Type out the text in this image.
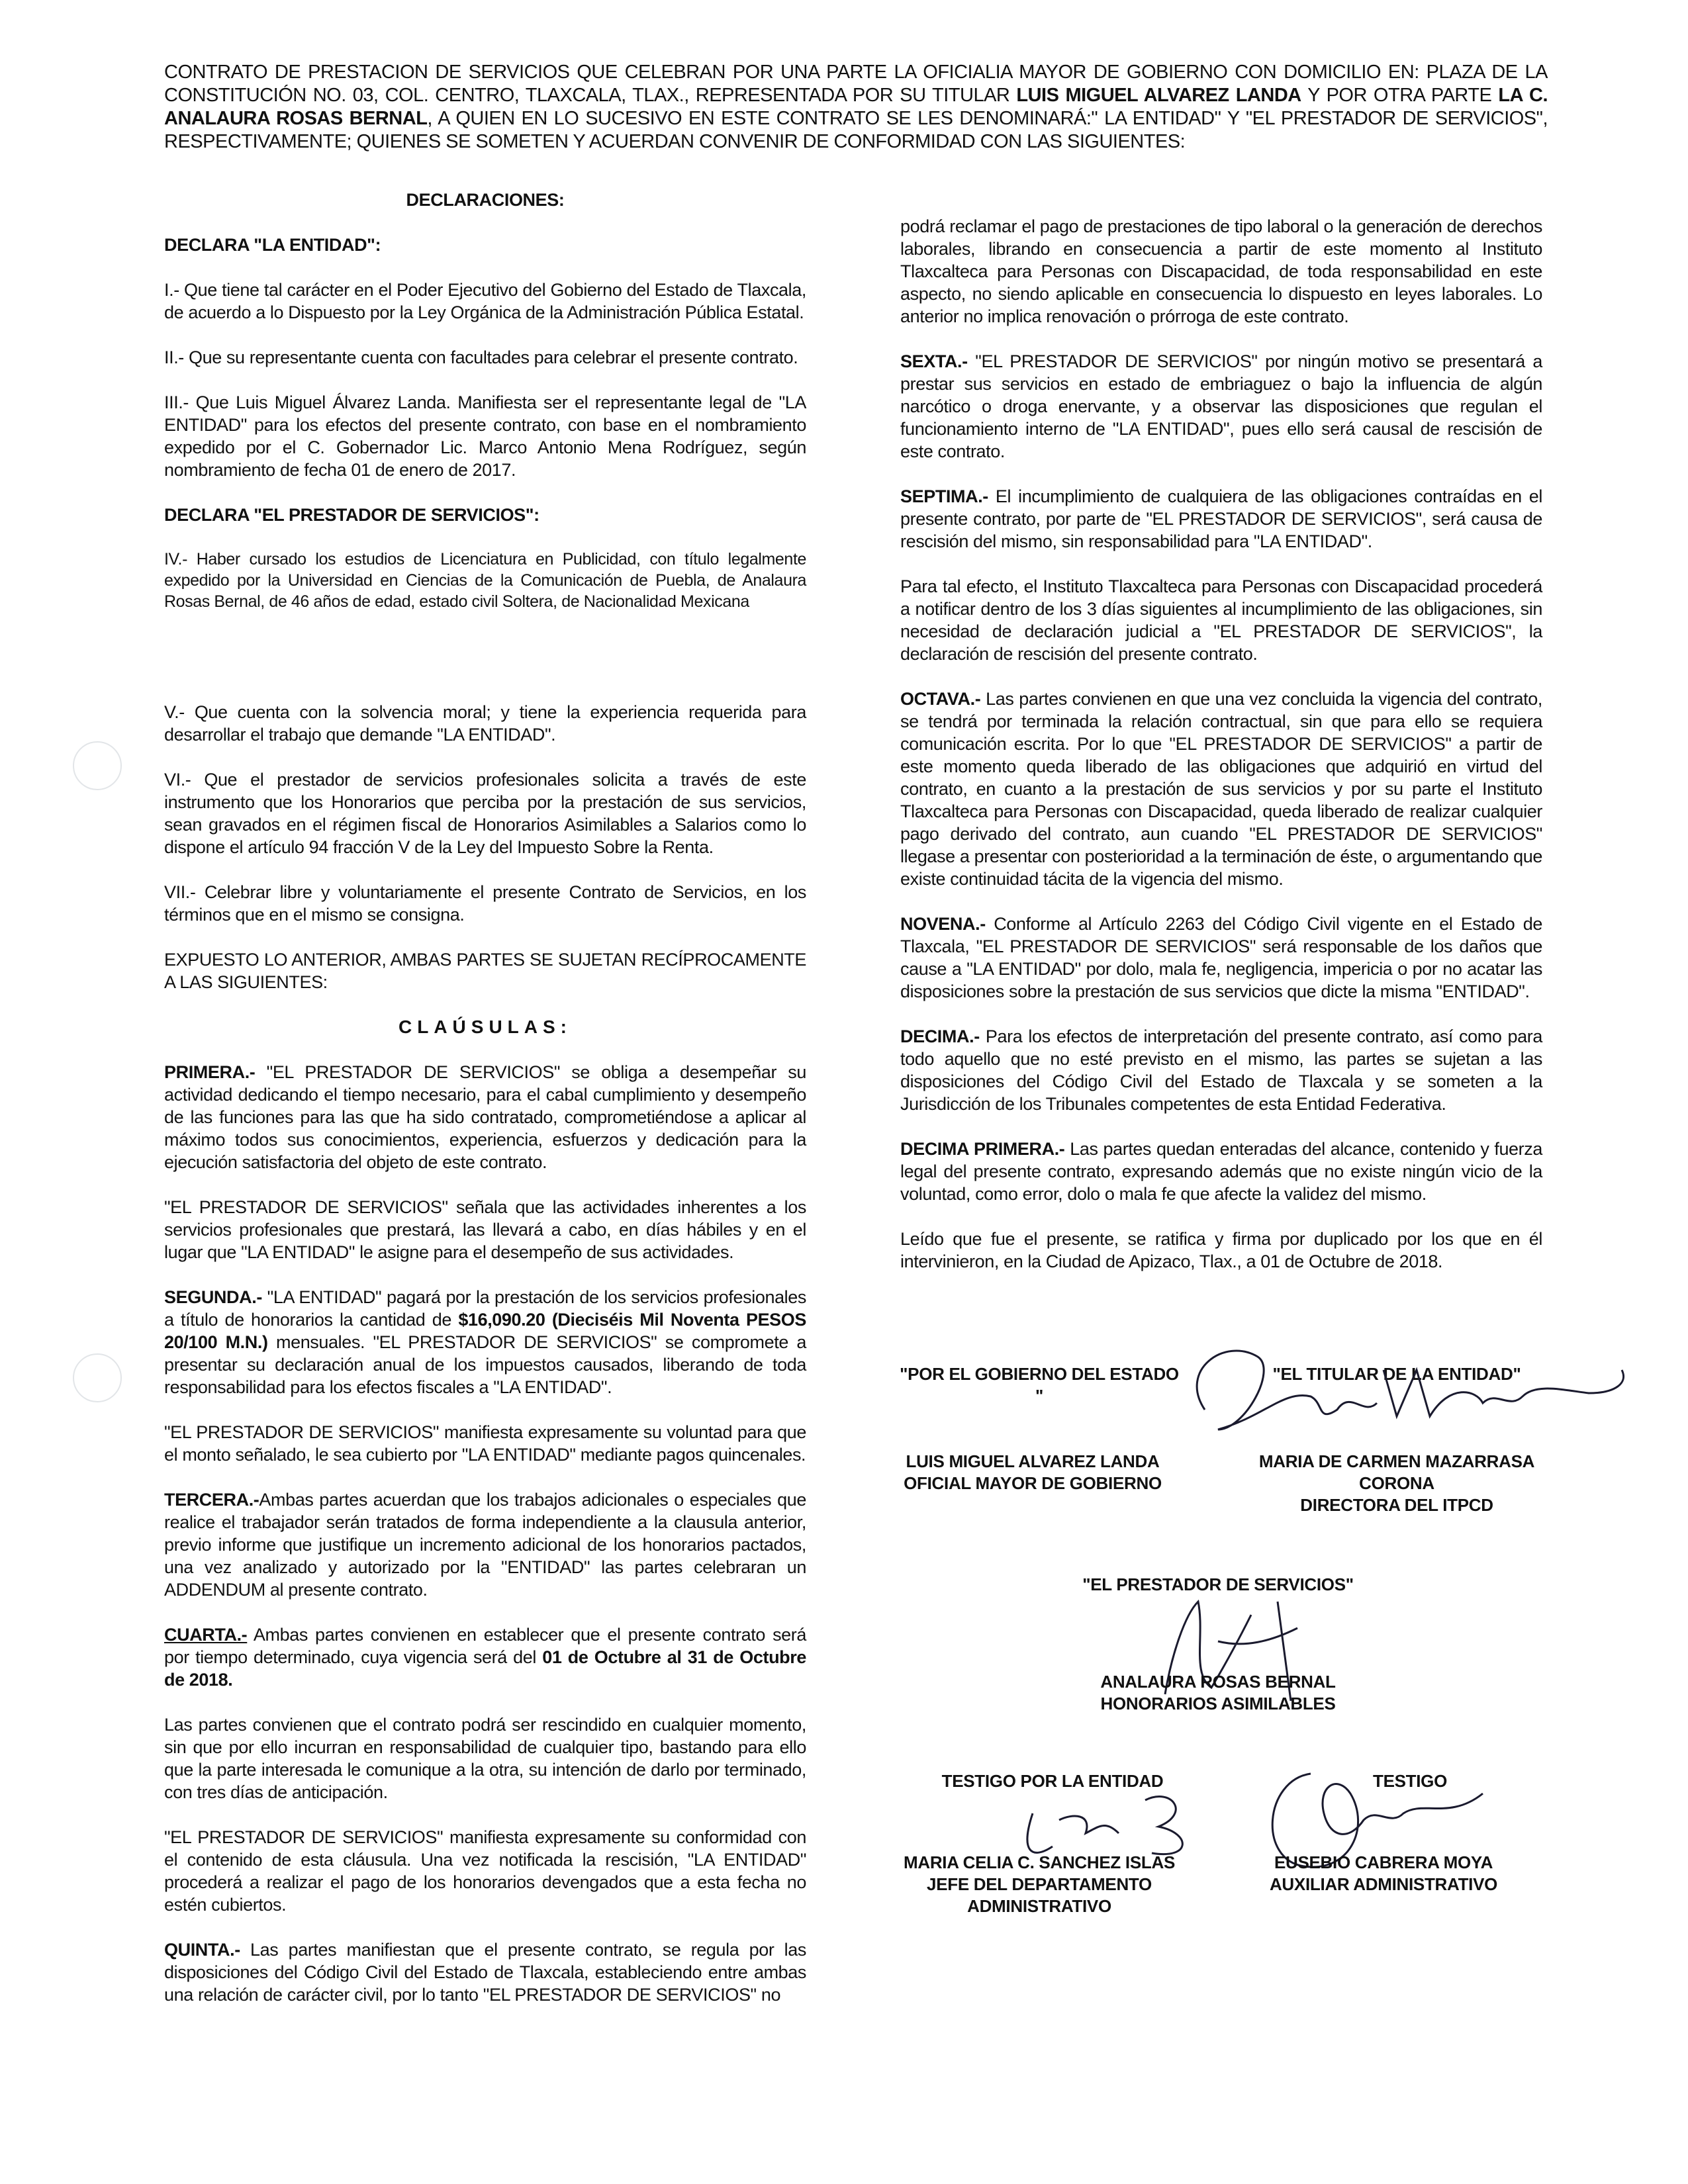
CONTRATO DE PRESTACION DE SERVICIOS QUE CELEBRAN POR UNA PARTE LA OFICIALIA MAYOR DE GOBIERNO CON DOMICILIO EN: PLAZA DE LA CONSTITUCIÓN NO. 03, COL. CENTRO, TLAXCALA, TLAX., REPRESENTADA POR SU TITULAR LUIS MIGUEL ALVAREZ LANDA Y POR OTRA PARTE LA C. ANALAURA ROSAS BERNAL, A QUIEN EN LO SUCESIVO EN ESTE CONTRATO SE LES DENOMINARÁ:" LA ENTIDAD" Y "EL PRESTADOR DE SERVICIOS", RESPECTIVAMENTE; QUIENES SE SOMETEN Y ACUERDAN CONVENIR DE CONFORMIDAD CON LAS SIGUIENTES:

DECLARACIONES:

DECLARA "LA ENTIDAD":

I.- Que tiene tal carácter en el Poder Ejecutivo del Gobierno del Estado de Tlaxcala, de acuerdo a lo Dispuesto por la Ley Orgánica de la Administración Pública Estatal.

II.- Que su representante cuenta con facultades para celebrar el presente contrato.

III.- Que Luis Miguel Álvarez Landa. Manifiesta ser el representante legal de "LA ENTIDAD" para los efectos del presente contrato, con base en el nombramiento expedido por el C. Gobernador Lic. Marco Antonio Mena Rodríguez, según nombramiento de fecha 01 de enero de 2017.

DECLARA "EL PRESTADOR DE SERVICIOS":

IV.- Haber cursado los estudios de Licenciatura en Publicidad, con título legalmente expedido por la Universidad en Ciencias de la Comunicación de Puebla, de Analaura Rosas Bernal, de 46 años de edad, estado civil Soltera, de Nacionalidad Mexicana

V.- Que cuenta con la solvencia moral; y tiene la experiencia requerida para desarrollar el trabajo que demande "LA ENTIDAD".

VI.- Que el prestador de servicios profesionales solicita a través de este instrumento que los Honorarios que perciba por la prestación de sus servicios, sean gravados en el régimen fiscal de Honorarios Asimilables a Salarios como lo dispone el artículo 94 fracción V de la Ley del Impuesto Sobre la Renta.

VII.- Celebrar libre y voluntariamente el presente Contrato de Servicios, en los términos que en el mismo se consigna.

EXPUESTO LO ANTERIOR, AMBAS PARTES SE SUJETAN RECÍPROCAMENTE A LAS SIGUIENTES:

CLAÚSULAS:

PRIMERA.- "EL PRESTADOR DE SERVICIOS" se obliga a desempeñar su actividad dedicando el tiempo necesario, para el cabal cumplimiento y desempeño de las funciones para las que ha sido contratado, comprometiéndose a aplicar al máximo todos sus conocimientos, experiencia, esfuerzos y dedicación para la ejecución satisfactoria del objeto de este contrato.

"EL PRESTADOR DE SERVICIOS" señala que las actividades inherentes a los servicios profesionales que prestará, las llevará a cabo, en días hábiles y en el lugar que "LA ENTIDAD" le asigne para el desempeño de sus actividades.

SEGUNDA.- "LA ENTIDAD" pagará por la prestación de los servicios profesionales a título de honorarios la cantidad de $16,090.20 (Dieciséis Mil Noventa PESOS 20/100 M.N.) mensuales. "EL PRESTADOR DE SERVICIOS" se compromete a presentar su declaración anual de los impuestos causados, liberando de toda responsabilidad para los efectos fiscales a "LA ENTIDAD".

"EL PRESTADOR DE SERVICIOS" manifiesta expresamente su voluntad para que el monto señalado, le sea cubierto por "LA ENTIDAD" mediante pagos quincenales.

TERCERA.-Ambas partes acuerdan que los trabajos adicionales o especiales que realice el trabajador serán tratados de forma independiente a la clausula anterior, previo informe que justifique un incremento adicional de los honorarios pactados, una vez analizado y autorizado por la "ENTIDAD" las partes celebraran un ADDENDUM al presente contrato.

CUARTA.- Ambas partes convienen en establecer que el presente contrato será por tiempo determinado, cuya vigencia será del 01 de Octubre al 31 de Octubre de 2018.

Las partes convienen que el contrato podrá ser rescindido en cualquier momento, sin que por ello incurran en responsabilidad de cualquier tipo, bastando para ello que la parte interesada le comunique a la otra, su intención de darlo por terminado, con tres días de anticipación.

"EL PRESTADOR DE SERVICIOS" manifiesta expresamente su conformidad con el contenido de esta cláusula. Una vez notificada la rescisión, "LA ENTIDAD" procederá a realizar el pago de los honorarios devengados que a esta fecha no estén cubiertos.

QUINTA.- Las partes manifiestan que el presente contrato, se regula por las disposiciones del Código Civil del Estado de Tlaxcala, estableciendo entre ambas una relación de carácter civil, por lo tanto "EL PRESTADOR DE SERVICIOS" no

podrá reclamar el pago de prestaciones de tipo laboral o la generación de derechos laborales, librando en consecuencia a partir de este momento al Instituto Tlaxcalteca para Personas con Discapacidad, de toda responsabilidad en este aspecto, no siendo aplicable en consecuencia lo dispuesto en leyes laborales. Lo anterior no implica renovación o prórroga de este contrato.

SEXTA.- "EL PRESTADOR DE SERVICIOS" por ningún motivo se presentará a prestar sus servicios en estado de embriaguez o bajo la influencia de algún narcótico o droga enervante, y a observar las disposiciones que regulan el funcionamiento interno de "LA ENTIDAD", pues ello será causal de rescisión de este contrato.

SEPTIMA.- El incumplimiento de cualquiera de las obligaciones contraídas en el presente contrato, por parte de "EL PRESTADOR DE SERVICIOS", será causa de rescisión del mismo, sin responsabilidad para "LA ENTIDAD".

Para tal efecto, el Instituto Tlaxcalteca para Personas con Discapacidad procederá a notificar dentro de los 3 días siguientes al incumplimiento de las obligaciones, sin necesidad de declaración judicial a "EL PRESTADOR DE SERVICIOS", la declaración de rescisión del presente contrato.

OCTAVA.- Las partes convienen en que una vez concluida la vigencia del contrato, se tendrá por terminada la relación contractual, sin que para ello se requiera comunicación escrita. Por lo que "EL PRESTADOR DE SERVICIOS" a partir de este momento queda liberado de las obligaciones que adquirió en virtud del contrato, en cuanto a la prestación de sus servicios y por su parte el Instituto Tlaxcalteca para Personas con Discapacidad, queda liberado de realizar cualquier pago derivado del contrato, aun cuando "EL PRESTADOR DE SERVICIOS" llegase a presentar con posterioridad a la terminación de éste, o argumentando que existe continuidad tácita de la vigencia del mismo.

NOVENA.- Conforme al Artículo 2263 del Código Civil vigente en el Estado de Tlaxcala, "EL PRESTADOR DE SERVICIOS" será responsable de los daños que cause a "LA ENTIDAD" por dolo, mala fe, negligencia, impericia o por no acatar las disposiciones sobre la prestación de sus servicios que dicte la misma "ENTIDAD".

DECIMA.- Para los efectos de interpretación del presente contrato, así como para todo aquello que no esté previsto en el mismo, las partes se sujetan a las disposiciones del Código Civil del Estado de Tlaxcala y se someten a la Jurisdicción de los Tribunales competentes de esta Entidad Federativa.

DECIMA PRIMERA.- Las partes quedan enteradas del alcance, contenido y fuerza legal del presente contrato, expresando además que no existe ningún vicio de la voluntad, como error, dolo o mala fe que afecte la validez del mismo.

Leído que fue el presente, se ratifica y firma por duplicado por los que en él intervinieron, en la Ciudad de Apizaco, Tlax., a 01 de Octubre de 2018.

"POR EL GOBIERNO DEL ESTADO "
"EL TITULAR DE LA ENTIDAD"
LUIS MIGUEL ALVAREZ LANDA
OFICIAL MAYOR DE GOBIERNO
MARIA DE CARMEN MAZARRASA
CORONA
DIRECTORA DEL ITPCD
"EL PRESTADOR DE SERVICIOS"
ANALAURA ROSAS BERNAL
HONORARIOS ASIMILABLES
TESTIGO POR LA ENTIDAD	TESTIGO
MARIA CELIA C. SANCHEZ ISLAS
JEFE DEL DEPARTAMENTO
ADMINISTRATIVO
EUSEBIO CABRERA MOYA
AUXILIAR ADMINISTRATIVO
